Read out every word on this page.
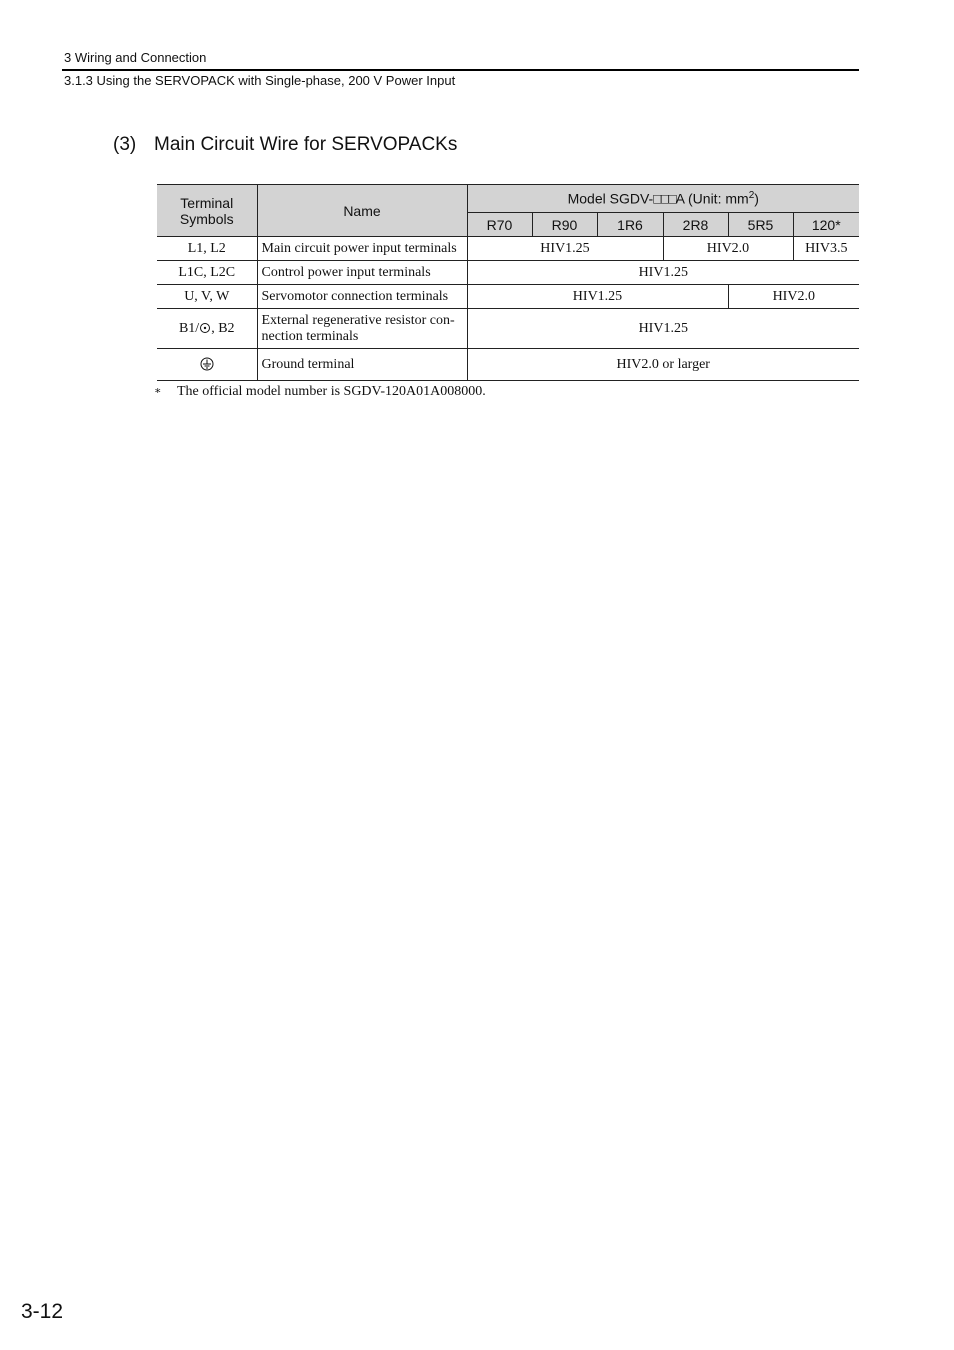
3 Wiring and Connection
3.1.3 Using the SERVOPACK with Single-phase, 200 V Power Input
(3) Main Circuit Wire for SERVOPACKs
Terminal
Symbols	Name	Model SGDV-□□□A (Unit: $mm^2$)					
		R70	R90	1R6	2R8	5R5	120*
L1, L2	Main circuit power input terminals	HIV1.25			HIV2.0		HIV3.5
L1C, L2C	Control power input terminals	HIV1.25					
U, V, W	Servomotor connection terminals	HIV1.25				HIV2.0	
B1/ , B2	External regenerative resistor con-
nection terminals	HIV1.25					
	Ground terminal	HIV2.0 or larger					
∗ The official model number is SGDV-120A01A008000.
3-12
